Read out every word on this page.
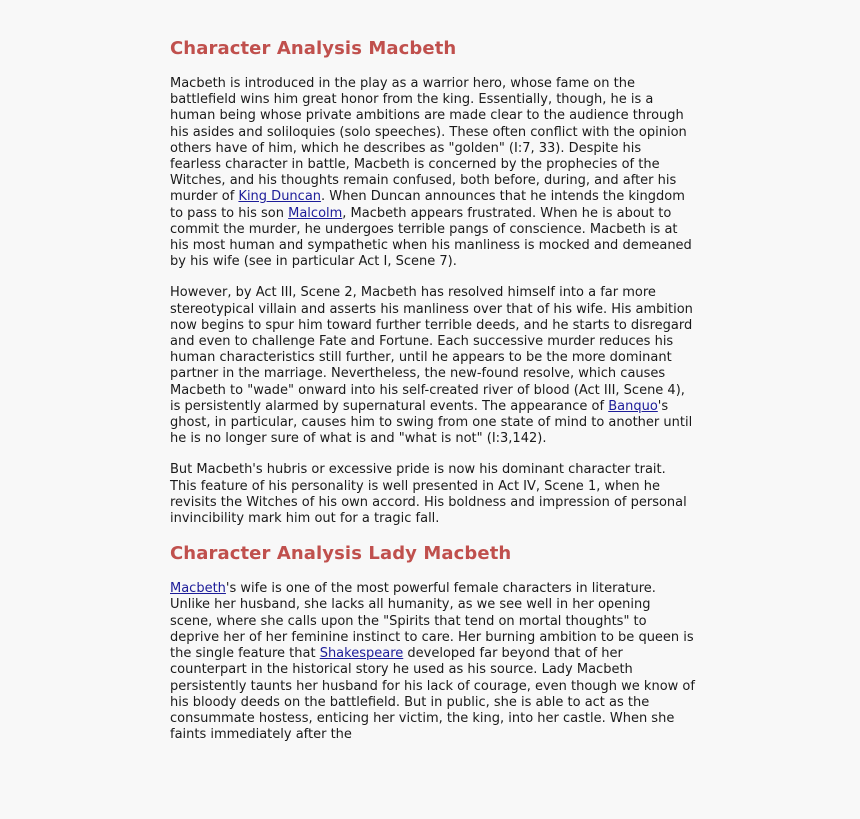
Character Analysis Macbeth

Macbeth is introduced in the play as a warrior hero, whose fame on the battlefield wins him great honor from the king. Essentially, though, he is a human being whose private ambitions are made clear to the audience through his asides and soliloquies (solo speeches). These often conflict with the opinion others have of him, which he describes as "golden" (I:7, 33). Despite his fearless character in battle, Macbeth is concerned by the prophecies of the Witches, and his thoughts remain confused, both before, during, and after his murder of King Duncan. When Duncan announces that he intends the kingdom to pass to his son Malcolm, Macbeth appears frustrated. When he is about to commit the murder, he undergoes terrible pangs of conscience. Macbeth is at his most human and sympathetic when his manliness is mocked and demeaned by his wife (see in particular Act I, Scene 7).

However, by Act III, Scene 2, Macbeth has resolved himself into a far more stereotypical villain and asserts his manliness over that of his wife. His ambition now begins to spur him toward further terrible deeds, and he starts to disregard and even to challenge Fate and Fortune. Each successive murder reduces his human characteristics still further, until he appears to be the more dominant partner in the marriage. Nevertheless, the new-found resolve, which causes Macbeth to "wade" onward into his self-created river of blood (Act III, Scene 4), is persistently alarmed by supernatural events. The appearance of Banquo's ghost, in particular, causes him to swing from one state of mind to another until he is no longer sure of what is and "what is not" (I:3,142).

But Macbeth's hubris or excessive pride is now his dominant character trait. This feature of his personality is well presented in Act IV, Scene 1, when he revisits the Witches of his own accord. His boldness and impression of personal invincibility mark him out for a tragic fall.

Character Analysis Lady Macbeth

Macbeth's wife is one of the most powerful female characters in literature. Unlike her husband, she lacks all humanity, as we see well in her opening scene, where she calls upon the "Spirits that tend on mortal thoughts" to deprive her of her feminine instinct to care. Her burning ambition to be queen is the single feature that Shakespeare developed far beyond that of her counterpart in the historical story he used as his source. Lady Macbeth persistently taunts her husband for his lack of courage, even though we know of his bloody deeds on the battlefield. But in public, she is able to act as the consummate hostess, enticing her victim, the king, into her castle. When she faints immediately after the
